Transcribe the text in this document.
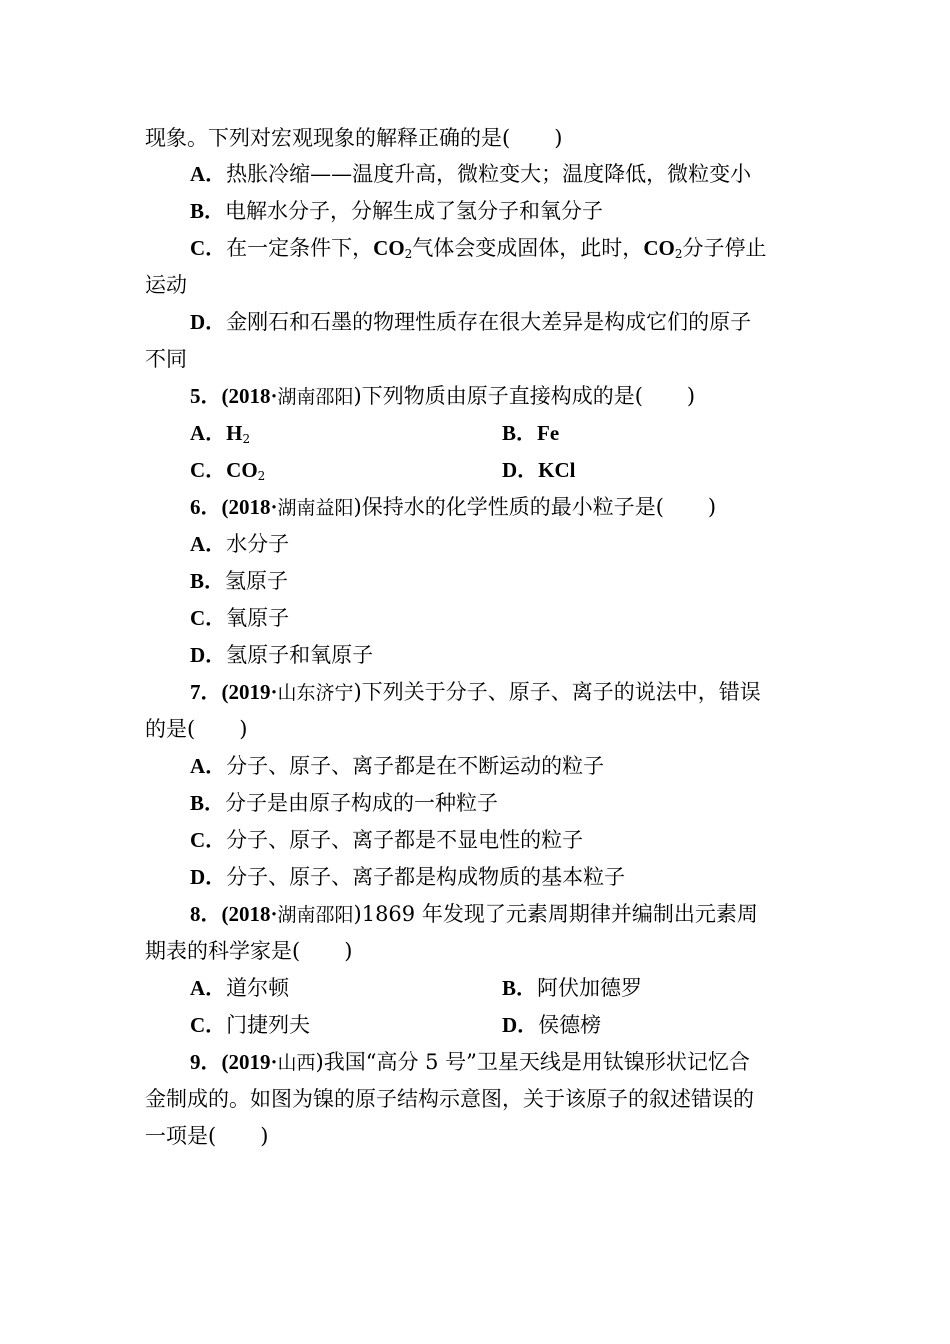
现象。下列对宏观现象的解释正确的是( )
A．热胀冷缩——温度升高，微粒变大；温度降低，微粒变小
B．电解水分子，分解生成了氢分子和氧分子
C．在一定条件下，$CO_2$气体会变成固体，此时，$CO_2$分子停止
运动
D．金刚石和石墨的物理性质存在很大差异是构成它们的原子
不同
5．(2018·湖南邵阳)下列物质由原子直接构成的是( )
A．$H_2$	B．Fe
C．$CO_2$	D．KCl
6．(2018·湖南益阳)保持水的化学性质的最小粒子是( )
A．水分子
B．氢原子
C．氧原子
D．氢原子和氧原子
7．(2019·山东济宁)下列关于分子、原子、离子的说法中，错误
的是( )
A．分子、原子、离子都是在不断运动的粒子
B．分子是由原子构成的一种粒子
C．分子、原子、离子都是不显电性的粒子
D．分子、原子、离子都是构成物质的基本粒子
8．(2018·湖南邵阳)1869 年发现了元素周期律并编制出元素周
期表的科学家是( )
A．道尔顿	B．阿伏加德罗
C．门捷列夫	D．侯德榜
9．(2019·山西)我国“高分 5 号”卫星天线是用钛镍形状记忆合
金制成的。如图为镍的原子结构示意图，关于该原子的叙述错误的
一项是( )
